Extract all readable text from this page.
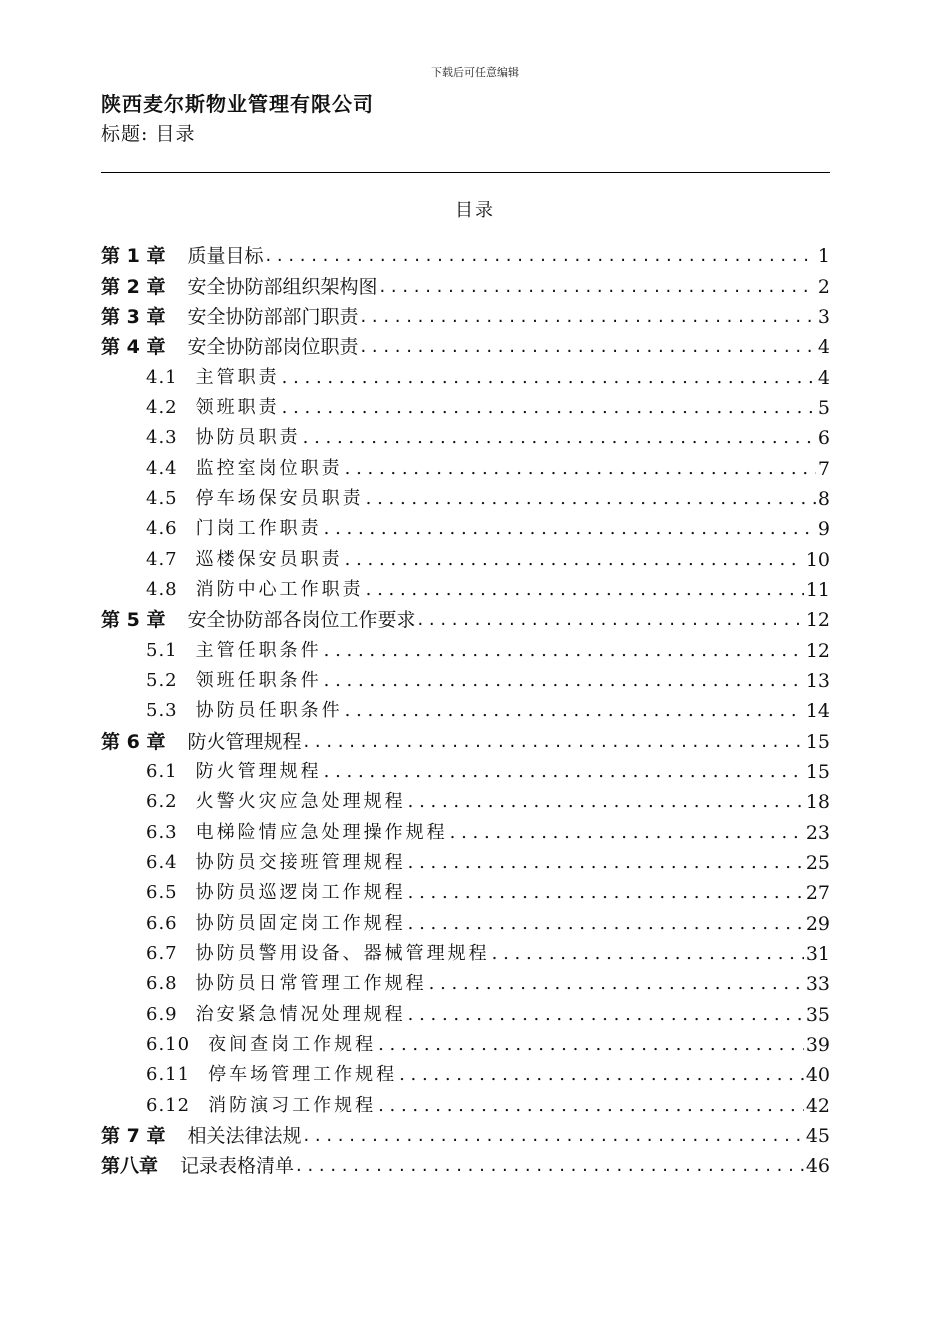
下载后可任意编辑
陕西麦尔斯物业管理有限公司
标题: 目录
目录
第 1 章 质量目标 . . .	1
第 2 章 安全协防部组织架构图 . . .	2
第 3 章 安全协防部部门职责 . . .	3
第 4 章 安全协防部岗位职责 . . .	4
4.1 主管职责 . . .	4
4.2 领班职责 . . .	5
4.3 协防员职责 . . .	6
4.4 监控室岗位职责 . . .	7
4.5 停车场保安员职责 . . .	8
4.6 门岗工作职责 . . .	9
4.7 巡楼保安员职责 . . .	10
4.8 消防中心工作职责 . . .	11
第 5 章 安全协防部各岗位工作要求 . . .	12
5.1 主管任职条件 . . .	12
5.2 领班任职条件 . . .	13
5.3 协防员任职条件 . . .	14
第 6 章 防火管理规程 . . .	15
6.1 防火管理规程 . . .	15
6.2 火警火灾应急处理规程 . . .	18
6.3 电梯险情应急处理操作规程 . . .	23
6.4 协防员交接班管理规程 . . .	25
6.5 协防员巡逻岗工作规程 . . .	27
6.6 协防员固定岗工作规程 . . .	29
6.7 协防员警用设备、器械管理规程 . . .	31
6.8 协防员日常管理工作规程 . . .	33
6.9 治安紧急情况处理规程 . . .	35
6.10 夜间查岗工作规程 . . .	39
6.11 停车场管理工作规程 . . .	40
6.12 消防演习工作规程 . . .	42
第 7 章 相关法律法规 . . .	45
第八章 记录表格清单 . . .	46
